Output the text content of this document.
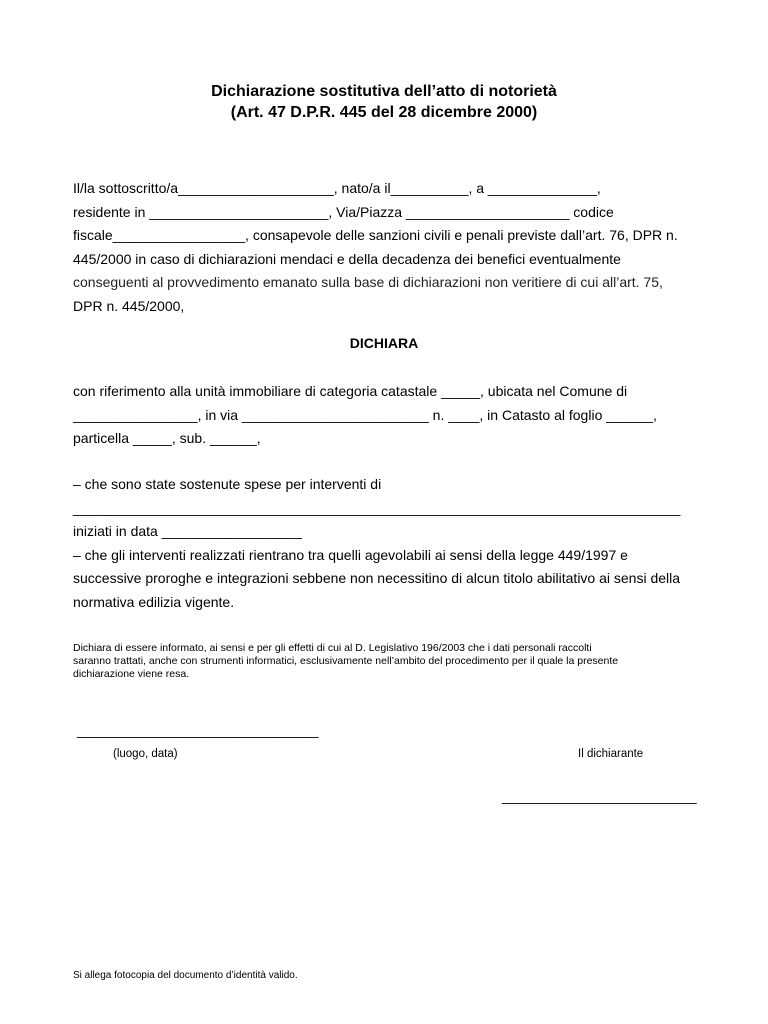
Dichiarazione sostitutiva dell’atto di notorietà
(Art. 47 D.P.R. 445 del 28 dicembre 2000)
Il/la sottoscritto/a____________________, nato/a il__________, a ______________,
residente in _______________________, Via/Piazza _____________________ codice
fiscale_________________, consapevole delle sanzioni civili e penali previste dall’art. 76, DPR n.
445/2000 in caso di dichiarazioni mendaci e della decadenza dei benefici eventualmente
conseguenti al provvedimento emanato sulla base di dichiarazioni non veritiere di cui all’art. 75,
DPR n. 445/2000,
DICHIARA
con riferimento alla unità immobiliare di categoria catastale _____, ubicata nel Comune di
________________, in via ________________________ n. ____, in Catasto al foglio ______,
particella _____, sub. ______,
– che sono state sostenute spese per interventi di
______________________________________________________________________________
iniziati in data __________________
– che gli interventi realizzati rientrano tra quelli agevolabili ai sensi della legge 449/1997 e
successive proroghe e integrazioni sebbene non necessitino di alcun titolo abilitativo ai sensi della
normativa edilizia vigente.
Dichiara di essere informato, ai sensi e per gli effetti di cui al D. Legislativo 196/2003 che i dati personali raccolti
saranno trattati, anche con strumenti informatici, esclusivamente nell’ambito del procedimento per il quale la presente
dichiarazione viene resa.
_______________________________
(luogo, data)	Il dichiarante
_________________________
Si allega fotocopia del documento d’identità valido.
